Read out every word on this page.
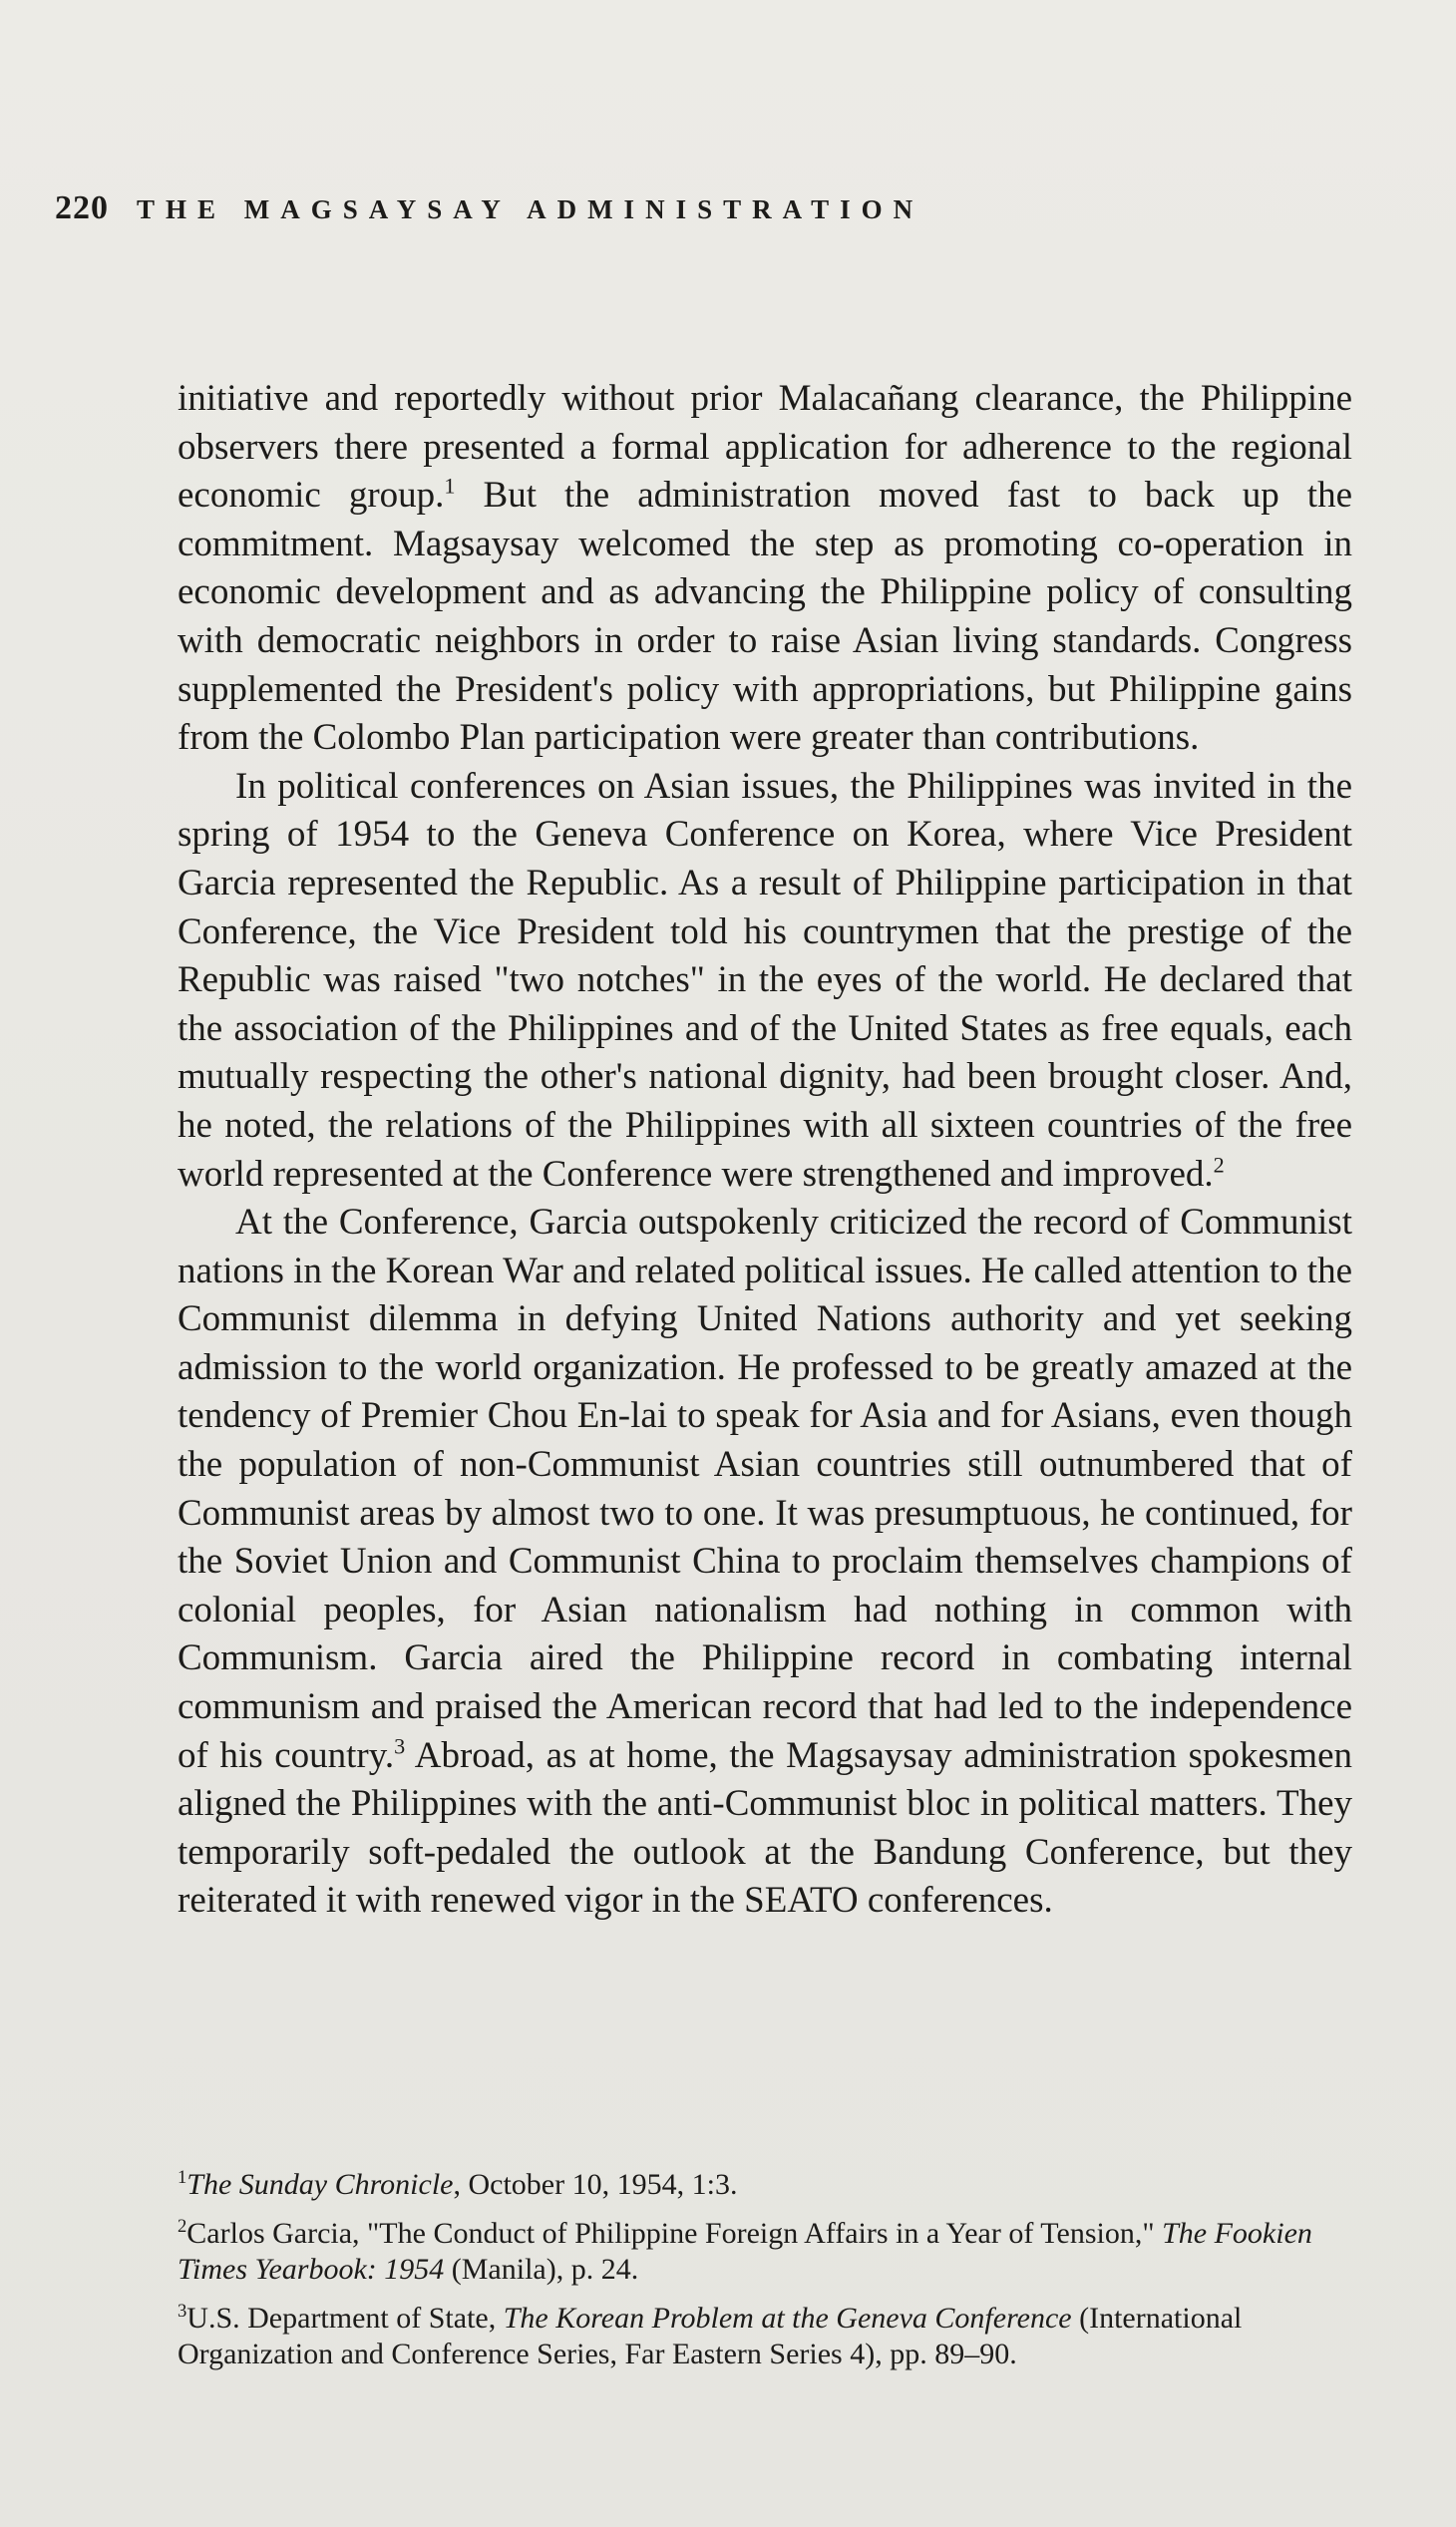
220 THE MAGSAYSAY ADMINISTRATION

initiative and reportedly without prior Malacañang clearance, the Philippine observers there presented a formal application for adherence to the regional economic group.$^1$ But the administration moved fast to back up the commitment. Magsaysay welcomed the step as promoting co-operation in economic development and as advancing the Philippine policy of consulting with democratic neighbors in order to raise Asian living standards. Congress supplemented the President's policy with appropriations, but Philippine gains from the Colombo Plan participation were greater than contributions.

In political conferences on Asian issues, the Philippines was invited in the spring of 1954 to the Geneva Conference on Korea, where Vice President Garcia represented the Republic. As a result of Philippine participation in that Conference, the Vice President told his countrymen that the prestige of the Republic was raised "two notches" in the eyes of the world. He declared that the association of the Philippines and of the United States as free equals, each mutually respecting the other's national dignity, had been brought closer. And, he noted, the relations of the Philippines with all sixteen countries of the free world represented at the Conference were strengthened and improved.$^2$

At the Conference, Garcia outspokenly criticized the record of Communist nations in the Korean War and related political issues. He called attention to the Communist dilemma in defying United Nations authority and yet seeking admission to the world organization. He professed to be greatly amazed at the tendency of Premier Chou En-lai to speak for Asia and for Asians, even though the population of non-Communist Asian countries still outnumbered that of Communist areas by almost two to one. It was presumptuous, he continued, for the Soviet Union and Communist China to proclaim themselves champions of colonial peoples, for Asian nationalism had nothing in common with Communism. Garcia aired the Philippine record in combating internal communism and praised the American record that had led to the independence of his country.$^3$ Abroad, as at home, the Magsaysay administration spokesmen aligned the Philippines with the anti-Communist bloc in political matters. They temporarily soft-pedaled the outlook at the Bandung Conference, but they reiterated it with renewed vigor in the SEATO conferences.

$^1$The Sunday Chronicle, October 10, 1954, 1:3.

$^2$Carlos Garcia, "The Conduct of Philippine Foreign Affairs in a Year of Tension," The Fookien Times Yearbook: 1954 (Manila), p. 24.

$^3$U.S. Department of State, The Korean Problem at the Geneva Conference (International Organization and Conference Series, Far Eastern Series 4), pp. 89–90.
